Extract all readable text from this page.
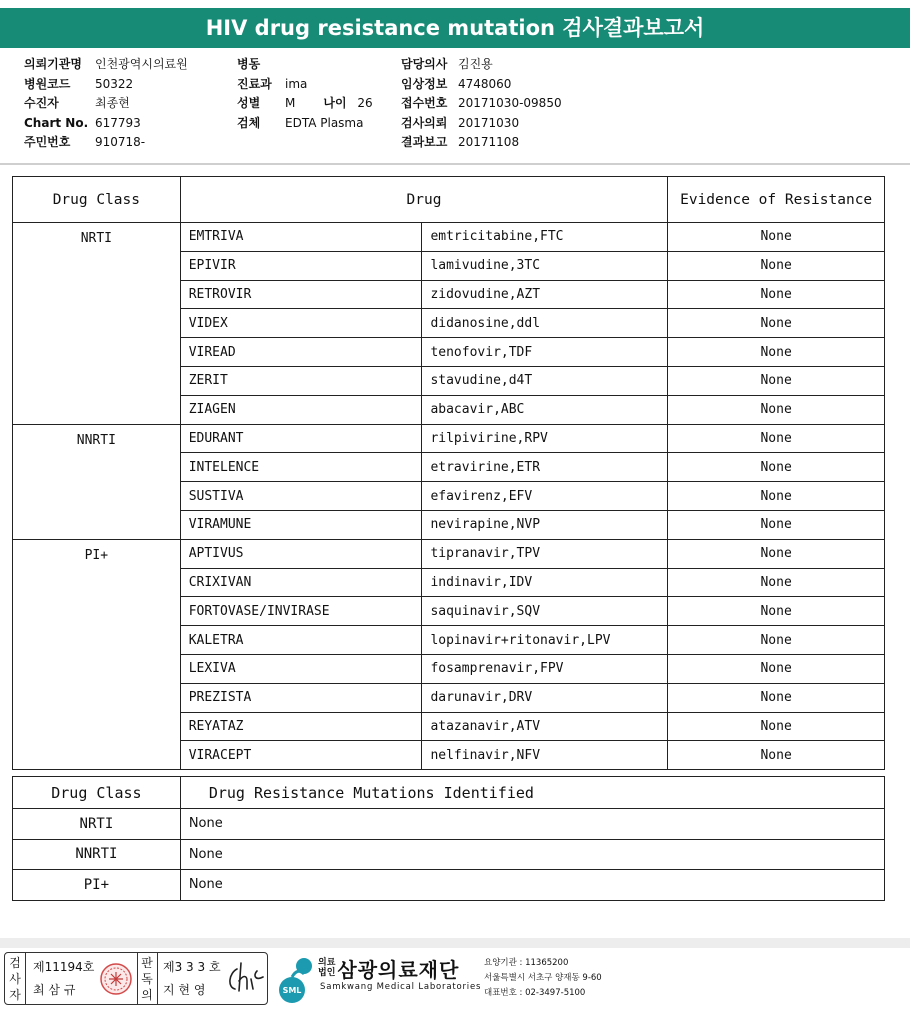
HIV drug resistance mutation 검사결과보고서
의뢰기관명 인천광역시의료원
병원코드 50322
수진자	최종현
Chart No. 617793
주민번호 910718-
병동
진료과 ima
성별 M 나이 26
검체 EDTA Plasma
담당의사 김진용
임상정보 4748060
접수번호 20171030-09850
검사의뢰 20171030
결과보고 20171108
Drug Class	Drug		Evidence of Resistance
NRTI	EMTRIVA	emtricitabine,FTC	None
	EPIVIR	lamivudine,3TC	None
	RETROVIR	zidovudine,AZT	None
	VIDEX	didanosine,ddl	None
	VIREAD	tenofovir,TDF	None
	ZERIT	stavudine,d4T	None
	ZIAGEN	abacavir,ABC	None
NNRTI	EDURANT	rilpivirine,RPV	None
	INTELENCE	etravirine,ETR	None
	SUSTIVA	efavirenz,EFV	None
	VIRAMUNE	nevirapine,NVP	None
PI+	APTIVUS	tipranavir,TPV	None
	CRIXIVAN	indinavir,IDV	None
	FORTOVASE/INVIRASE	saquinavir,SQV	None
	KALETRA	lopinavir+ritonavir,LPV	None
	LEXIVA	fosamprenavir,FPV	None
	PREZISTA	darunavir,DRV	None
	REYATAZ	atazanavir,ATV	None
	VIRACEPT	nelfinavir,NFV	None
Drug Class	Drug Resistance Mutations Identified
NRTI	None
NNRTI	None
PI+	None
검
사
자
제11194호
최 삼 규
판
독
의
제3 3 3 호
지 현 영	SML
의료
법인 삼광의료재단
Samkwang Medical Laboratories
요양기관 : 11365200
서울특별시 서초구 양재동 9-60
대표번호 : 02-3497-5100
